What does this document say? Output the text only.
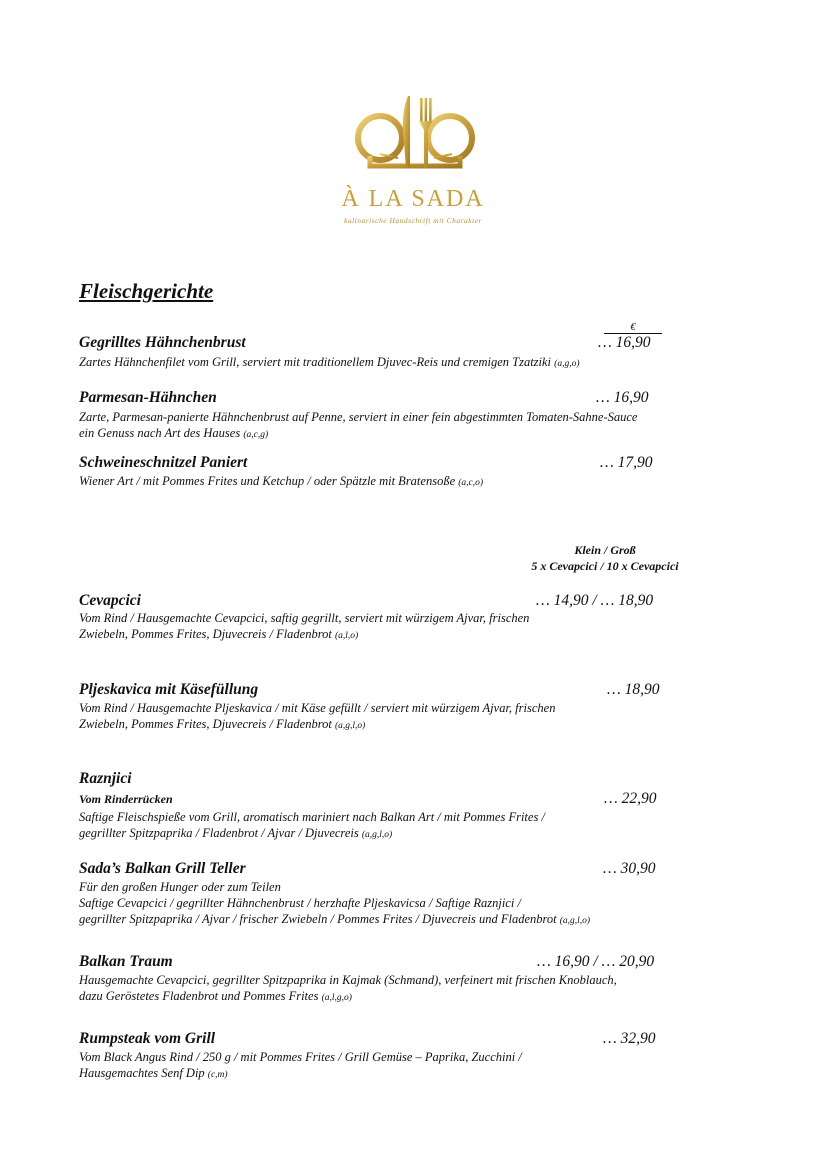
À LA SADA
kulinarische Handschrift mit Charakter
Fleischgerichte
€
Gegrilltes Hähnchenbrust	… 16,90
Zartes Hähnchenfilet vom Grill, serviert mit traditionellem Djuvec-Reis und cremigen Tzatziki (a,g,o)
Parmesan-Hähnchen	… 16,90
Zarte, Parmesan-panierte Hähnchenbrust auf Penne, serviert in einer fein abgestimmten Tomaten-Sahne-Sauce
ein Genuss nach Art des Hauses (a,c,g)
Schweineschnitzel Paniert	… 17,90
Wiener Art / mit Pommes Frites und Ketchup / oder Spätzle mit Bratensoße (a,c,o)
Klein / Groß
5 x Cevapcici / 10 x Cevapcici
Cevapcici	… 14,90 / … 18,90
Vom Rind / Hausgemachte Cevapcici, saftig gegrillt, serviert mit würzigem Ajvar, frischen
Zwiebeln, Pommes Frites, Djuvecreis / Fladenbrot (a,l,o)
Pljeskavica mit Käsefüllung	… 18,90
Vom Rind / Hausgemachte Pljeskavica / mit Käse gefüllt / serviert mit würzigem Ajvar, frischen
Zwiebeln, Pommes Frites, Djuvecreis / Fladenbrot (a,g,l,o)
Raznjici
Vom Rinderrücken	… 22,90
Saftige Fleischspieße vom Grill, aromatisch mariniert nach Balkan Art / mit Pommes Frites /
gegrillter Spitzpaprika / Fladenbrot / Ajvar / Djuvecreis (a,g,l,o)
Sada’s Balkan Grill Teller	… 30,90
Für den großen Hunger oder zum Teilen
Saftige Cevapcici / gegrillter Hähnchenbrust / herzhafte Pljeskavicsa / Saftige Raznjici /
gegrillter Spitzpaprika / Ajvar / frischer Zwiebeln / Pommes Frites / Djuvecreis und Fladenbrot (a,g,l,o)
Balkan Traum	… 16,90 / … 20,90
Hausgemachte Cevapcici, gegrillter Spitzpaprika in Kajmak (Schmand), verfeinert mit frischen Knoblauch,
dazu Geröstetes Fladenbrot und Pommes Frites (a,l,g,o)
Rumpsteak vom Grill	… 32,90
Vom Black Angus Rind / 250 g / mit Pommes Frites / Grill Gemüse – Paprika, Zucchini /
Hausgemachtes Senf Dip (c,m)
